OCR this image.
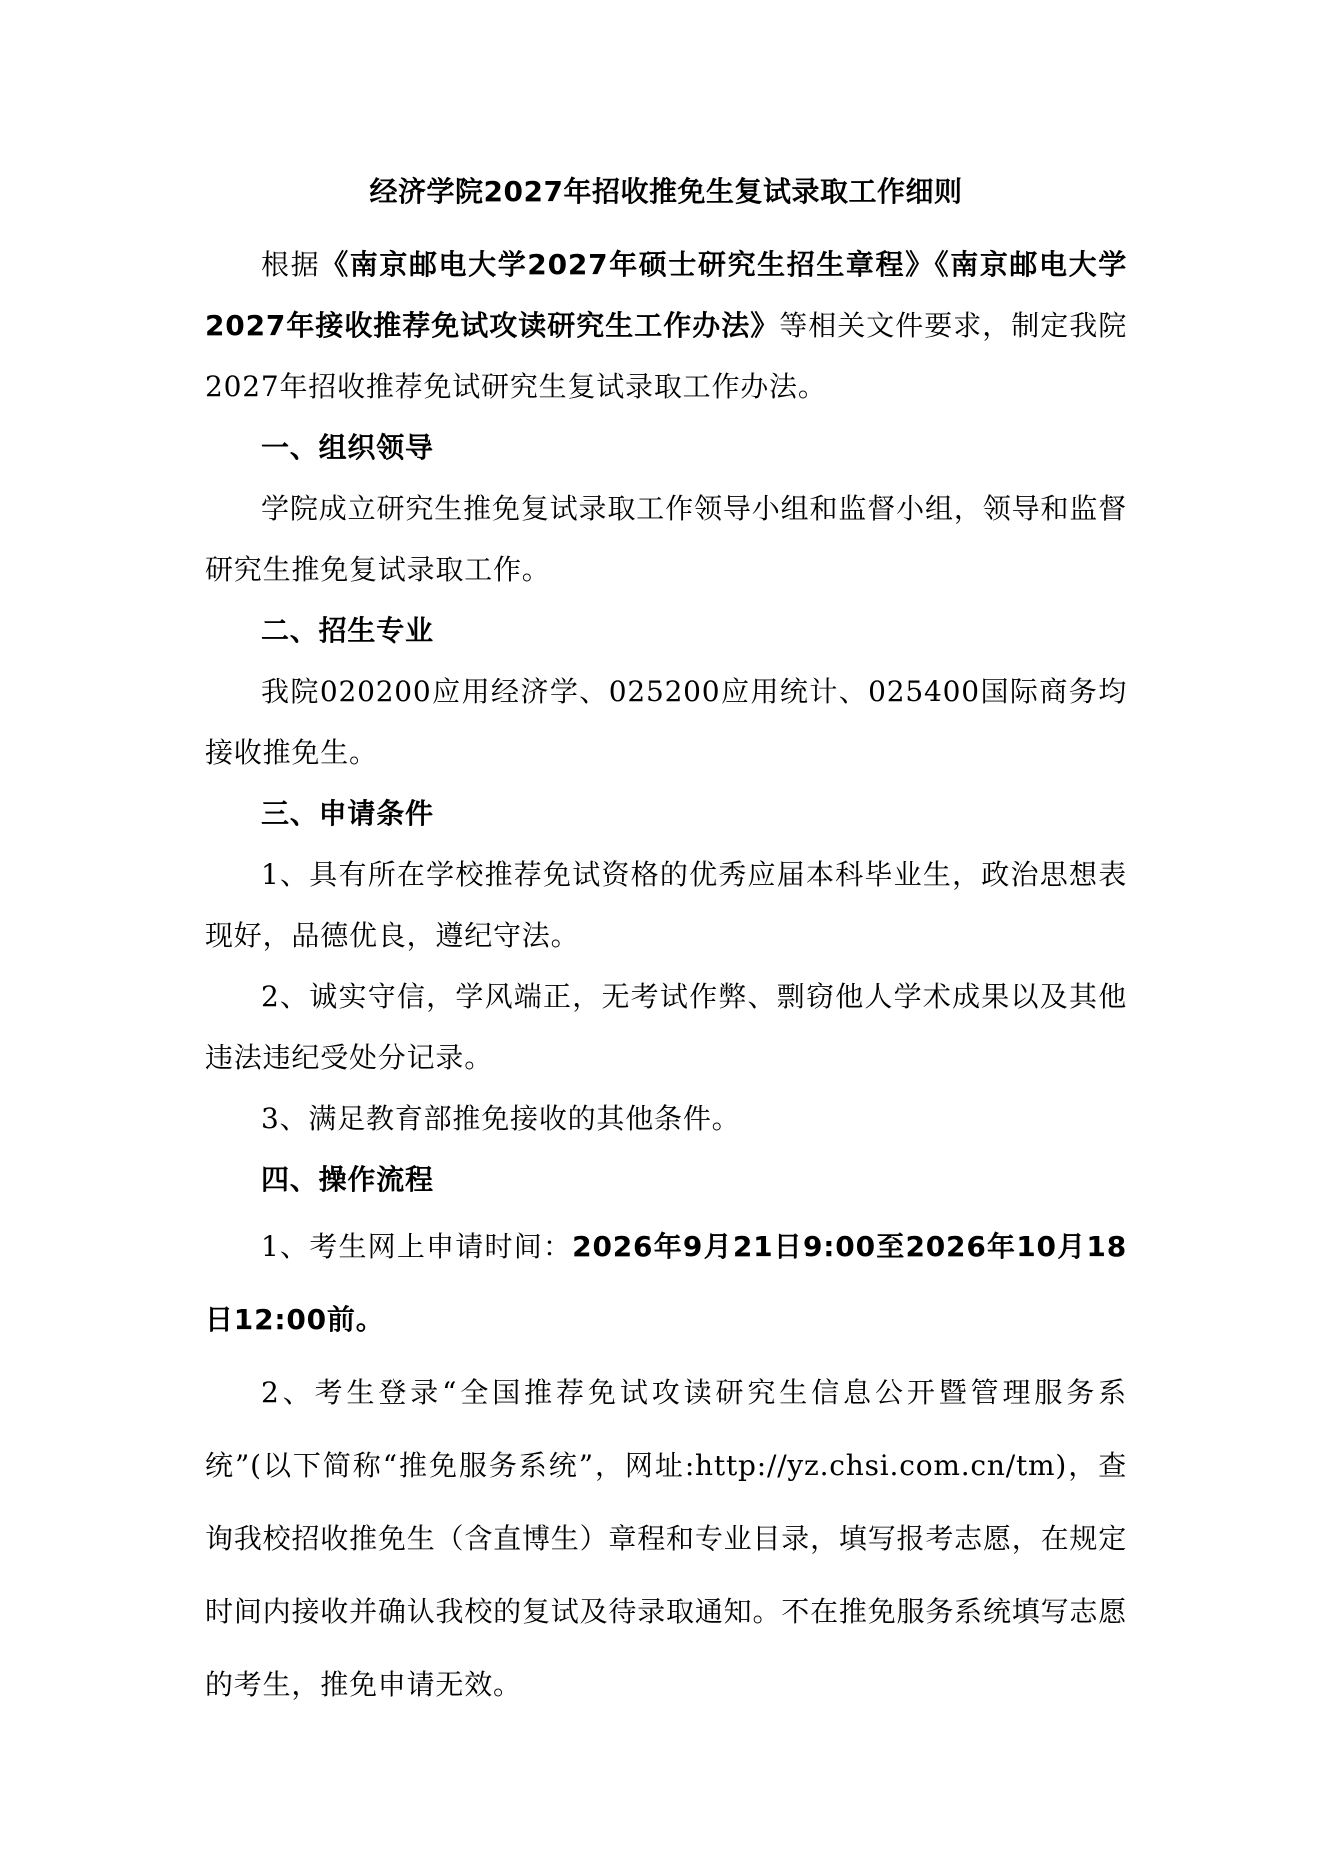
经济学院2027年招收推免生复试录取工作细则

根据《南京邮电大学2027年硕士研究生招生章程》《南京邮电大学2027年接收推荐免试攻读研究生工作办法》等相关文件要求，制定我院2027年招收推荐免试研究生复试录取工作办法。

一、组织领导

学院成立研究生推免复试录取工作领导小组和监督小组，领导和监督研究生推免复试录取工作。

二、招生专业

我院020200应用经济学、025200应用统计、025400国际商务均接收推免生。

三、申请条件

1、具有所在学校推荐免试资格的优秀应届本科毕业生，政治思想表现好，品德优良，遵纪守法。

2、诚实守信，学风端正，无考试作弊、剽窃他人学术成果以及其他违法违纪受处分记录。

3、满足教育部推免接收的其他条件。

四、操作流程

1、考生网上申请时间：2026年9月21日9:00至2026年10月18日12:00前。

2、考生登录“全国推荐免试攻读研究生信息公开暨管理服务系统”(以下简称“推免服务系统”，网址:http://yz.chsi.com.cn/tm)，查询我校招收推免生（含直博生）章程和专业目录，填写报考志愿，在规定时间内接收并确认我校的复试及待录取通知。不在推免服务系统填写志愿的考生，推免申请无效。
